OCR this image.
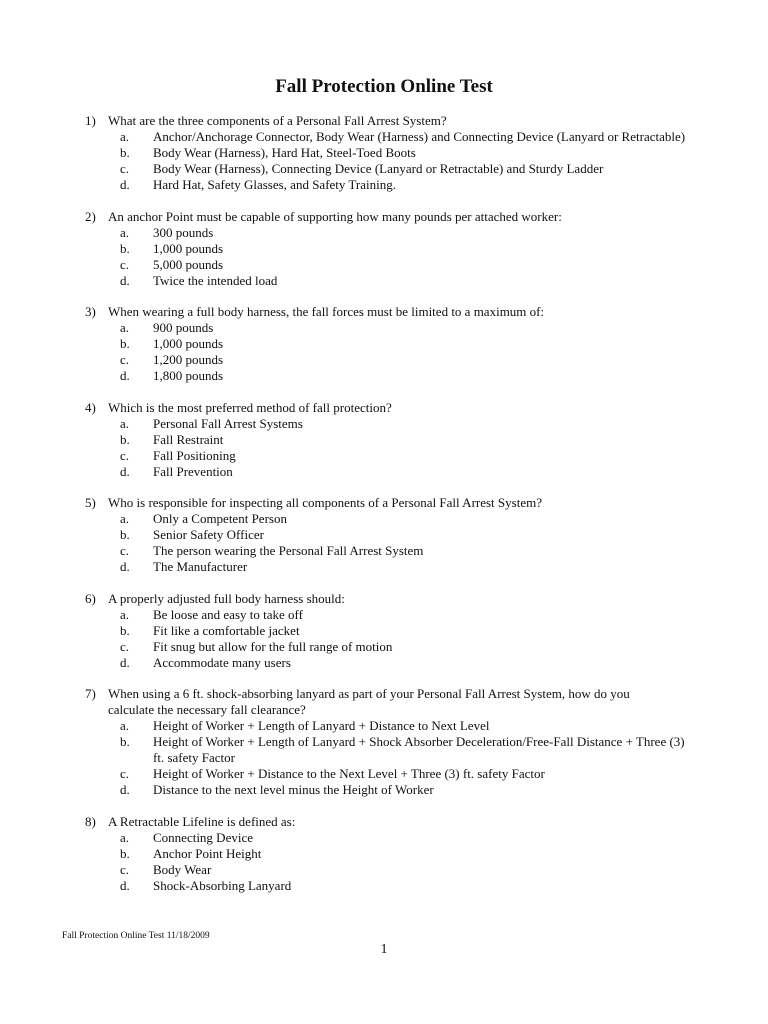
Fall Protection Online Test
1) What are the three components of a Personal Fall Arrest System?
a.	Anchor/Anchorage Connector, Body Wear (Harness) and Connecting Device (Lanyard or Retractable)
b.	Body Wear (Harness), Hard Hat, Steel-Toed Boots
c.	Body Wear (Harness), Connecting Device (Lanyard or Retractable) and Sturdy Ladder
d.	Hard Hat, Safety Glasses, and Safety Training.
2) An anchor Point must be capable of supporting how many pounds per attached worker:
a.	300 pounds
b.	1,000 pounds
c.	5,000 pounds
d.	Twice the intended load
3) When wearing a full body harness, the fall forces must be limited to a maximum of:
a.	900 pounds
b.	1,000 pounds
c.	1,200 pounds
d.	1,800 pounds
4) Which is the most preferred method of fall protection?
a.	Personal Fall Arrest Systems
b.	Fall Restraint
c.	Fall Positioning
d.	Fall Prevention
5) Who is responsible for inspecting all components of a Personal Fall Arrest System?
a.	Only a Competent Person
b.	Senior Safety Officer
c.	The person wearing the Personal Fall Arrest System
d.	The Manufacturer
6) A properly adjusted full body harness should:
a.	Be loose and easy to take off
b.	Fit like a comfortable jacket
c.	Fit snug but allow for the full range of motion
d.	Accommodate many users
7) When using a 6 ft. shock-absorbing lanyard as part of your Personal Fall Arrest System, how do you calculate the necessary fall clearance?
a.	Height of Worker + Length of Lanyard + Distance to Next Level
b.	Height of Worker + Length of Lanyard + Shock Absorber Deceleration/Free-Fall Distance + Three (3) ft. safety Factor
c.	Height of Worker + Distance to the Next Level + Three (3) ft. safety Factor
d.	Distance to the next level minus the Height of Worker
8) A Retractable Lifeline is defined as:
a.	Connecting Device
b.	Anchor Point Height
c.	Body Wear
d.	Shock-Absorbing Lanyard
Fall Protection Online Test 11/18/2009
1
